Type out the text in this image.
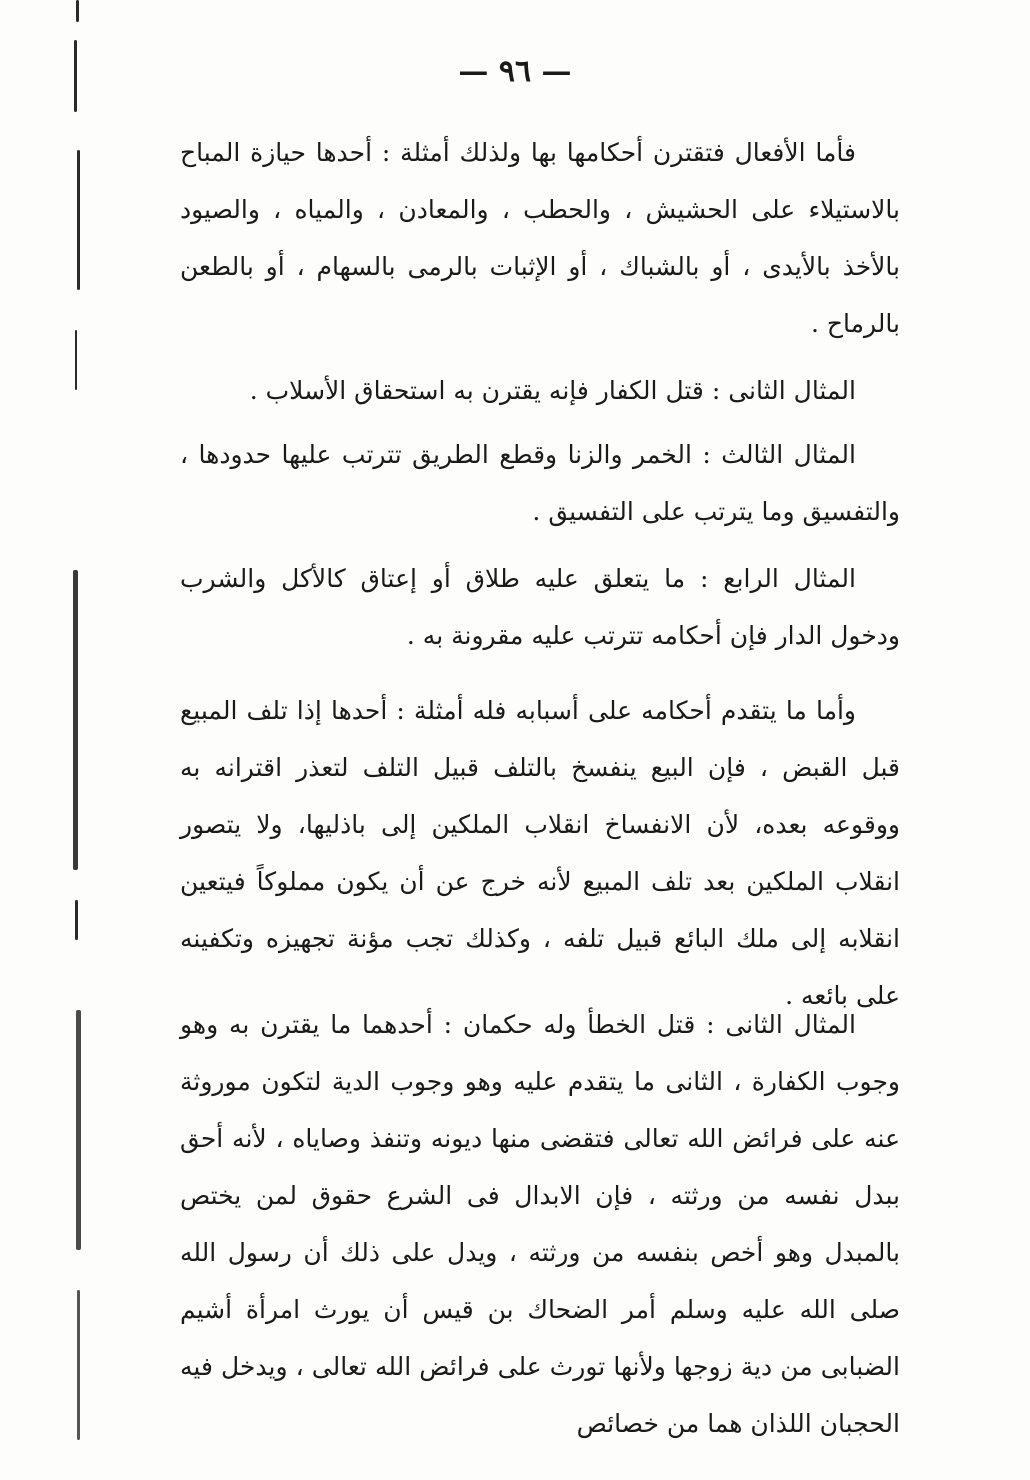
— ٩٦ —

فأما الأفعال فتقترن أحكامها بها ولذلك أمثلة : أحدها حيازة المباح بالاستيلاء على الحشيش ، والحطب ، والمعادن ، والمياه ، والصيود بالأخذ بالأيدى ، أو بالشباك ، أو الإثبات بالرمى بالسهام ، أو بالطعن بالرماح .

المثال الثانى : قتل الكفار فإنه يقترن به استحقاق الأسلاب .

المثال الثالث : الخمر والزنا وقطع الطريق تترتب عليها حدودها ، والتفسيق وما يترتب على التفسيق .

المثال الرابع : ما يتعلق عليه طلاق أو إعتاق كالأكل والشرب ودخول الدار فإن أحكامه تترتب عليه مقرونة به .

وأما ما يتقدم أحكامه على أسبابه فله أمثلة : أحدها إذا تلف المبيع قبل القبض ، فإن البيع ينفسخ بالتلف قبيل التلف لتعذر اقترانه به ووقوعه بعده، لأن الانفساخ انقلاب الملكين إلى باذليها، ولا يتصور انقلاب الملكين بعد تلف المبيع لأنه خرج عن أن يكون مملوكاً فيتعين انقلابه إلى ملك البائع قبيل تلفه ، وكذلك تجب مؤنة تجهيزه وتكفينه على بائعه .

المثال الثانى : قتل الخطأ وله حكمان : أحدهما ما يقترن به وهو وجوب الكفارة ، الثانى ما يتقدم عليه وهو وجوب الدية لتكون موروثة عنه على فرائض الله تعالى فتقضى منها ديونه وتنفذ وصاياه ، لأنه أحق ببدل نفسه من ورثته ، فإن الابدال فى الشرع حقوق لمن يختص بالمبدل وهو أخص بنفسه من ورثته ، ويدل على ذلك أن رسول الله صلى الله عليه وسلم أمر الضحاك بن قيس أن يورث امرأة أشيم الضبابى من دية زوجها ولأنها تورث على فرائض الله تعالى ، ويدخل فيه الحجبان اللذان هما من خصائص
